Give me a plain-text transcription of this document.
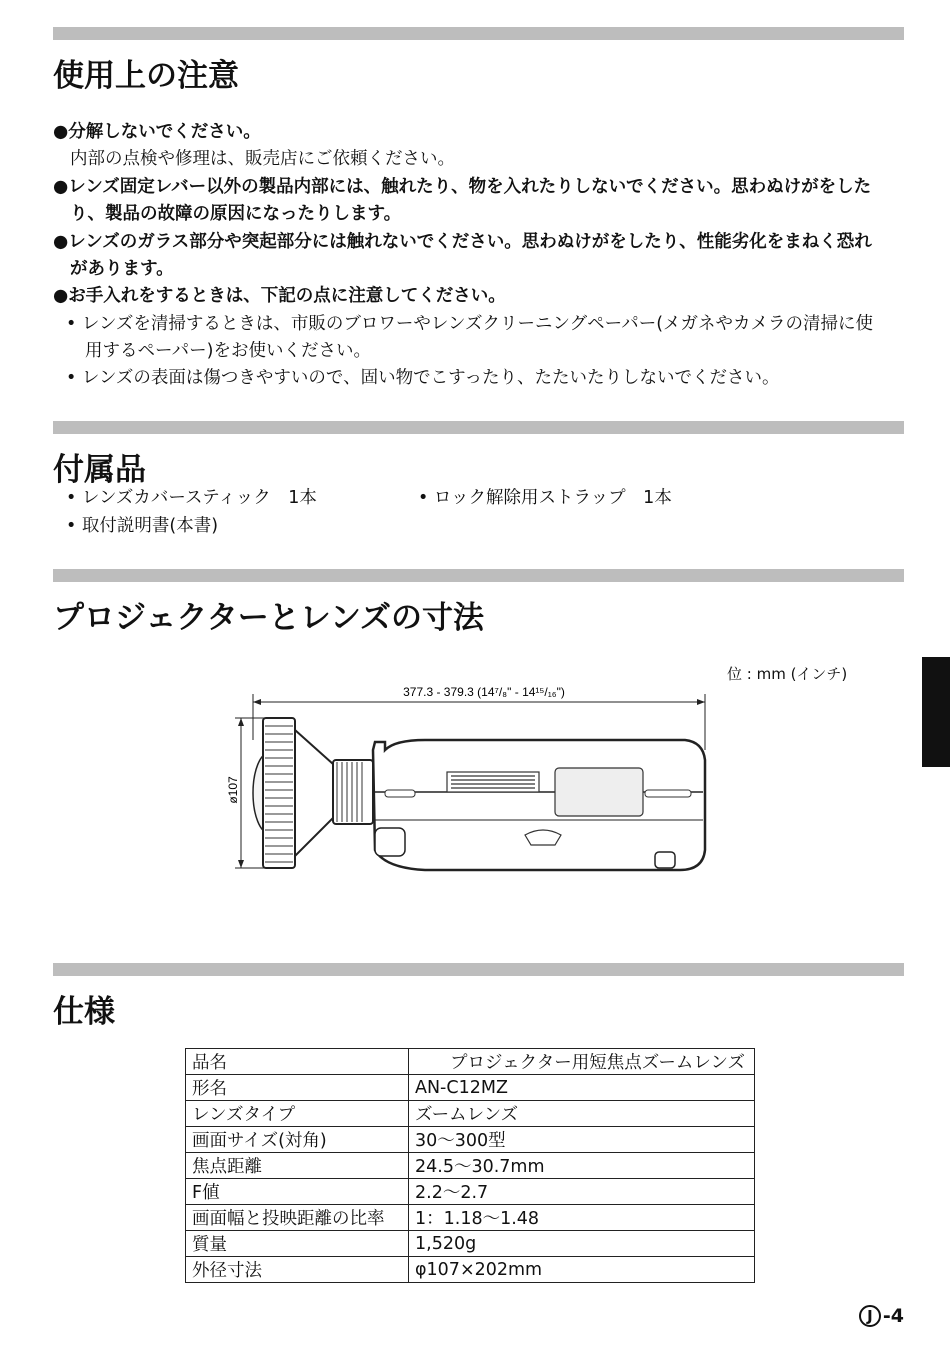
使用上の注意
●分解しないでください。
内部の点検や修理は、販売店にご依頼ください。
●レンズ固定レバー以外の製品内部には、触れたり、物を入れたりしないでください。思わぬけがをした
り、製品の故障の原因になったりします。
●レンズのガラス部分や突起部分には触れないでください。思わぬけがをしたり、性能劣化をまねく恐れ
があります。
●お手入れをするときは、下記の点に注意してください。
• レンズを清掃するときは、市販のブロワーやレンズクリーニングペーパー(メガネやカメラの清掃に使
用するペーパー)をお使いください。
• レンズの表面は傷つきやすいので、固い物でこすったり、たたいたりしないでください。
付属品
• レンズカバースティック　1本	• ロック解除用ストラップ　1本
• 取付説明書(本書)
プロジェクターとレンズの寸法
位 : mm (インチ)
377.3 - 379.3 (14⁷/₈" - 14¹⁵/₁₆")
ø107
仕様
品名	　　プロジェクター用短焦点ズームレンズ
形名	AN-C12MZ
レンズタイプ	ズームレンズ
画面サイズ(対角)	30〜300型
焦点距離	24.5〜30.7mm
F値	2.2〜2.7
画面幅と投映距離の比率	1：1.18〜1.48
質量	1,520g
外径寸法	φ107×202mm
J -4
